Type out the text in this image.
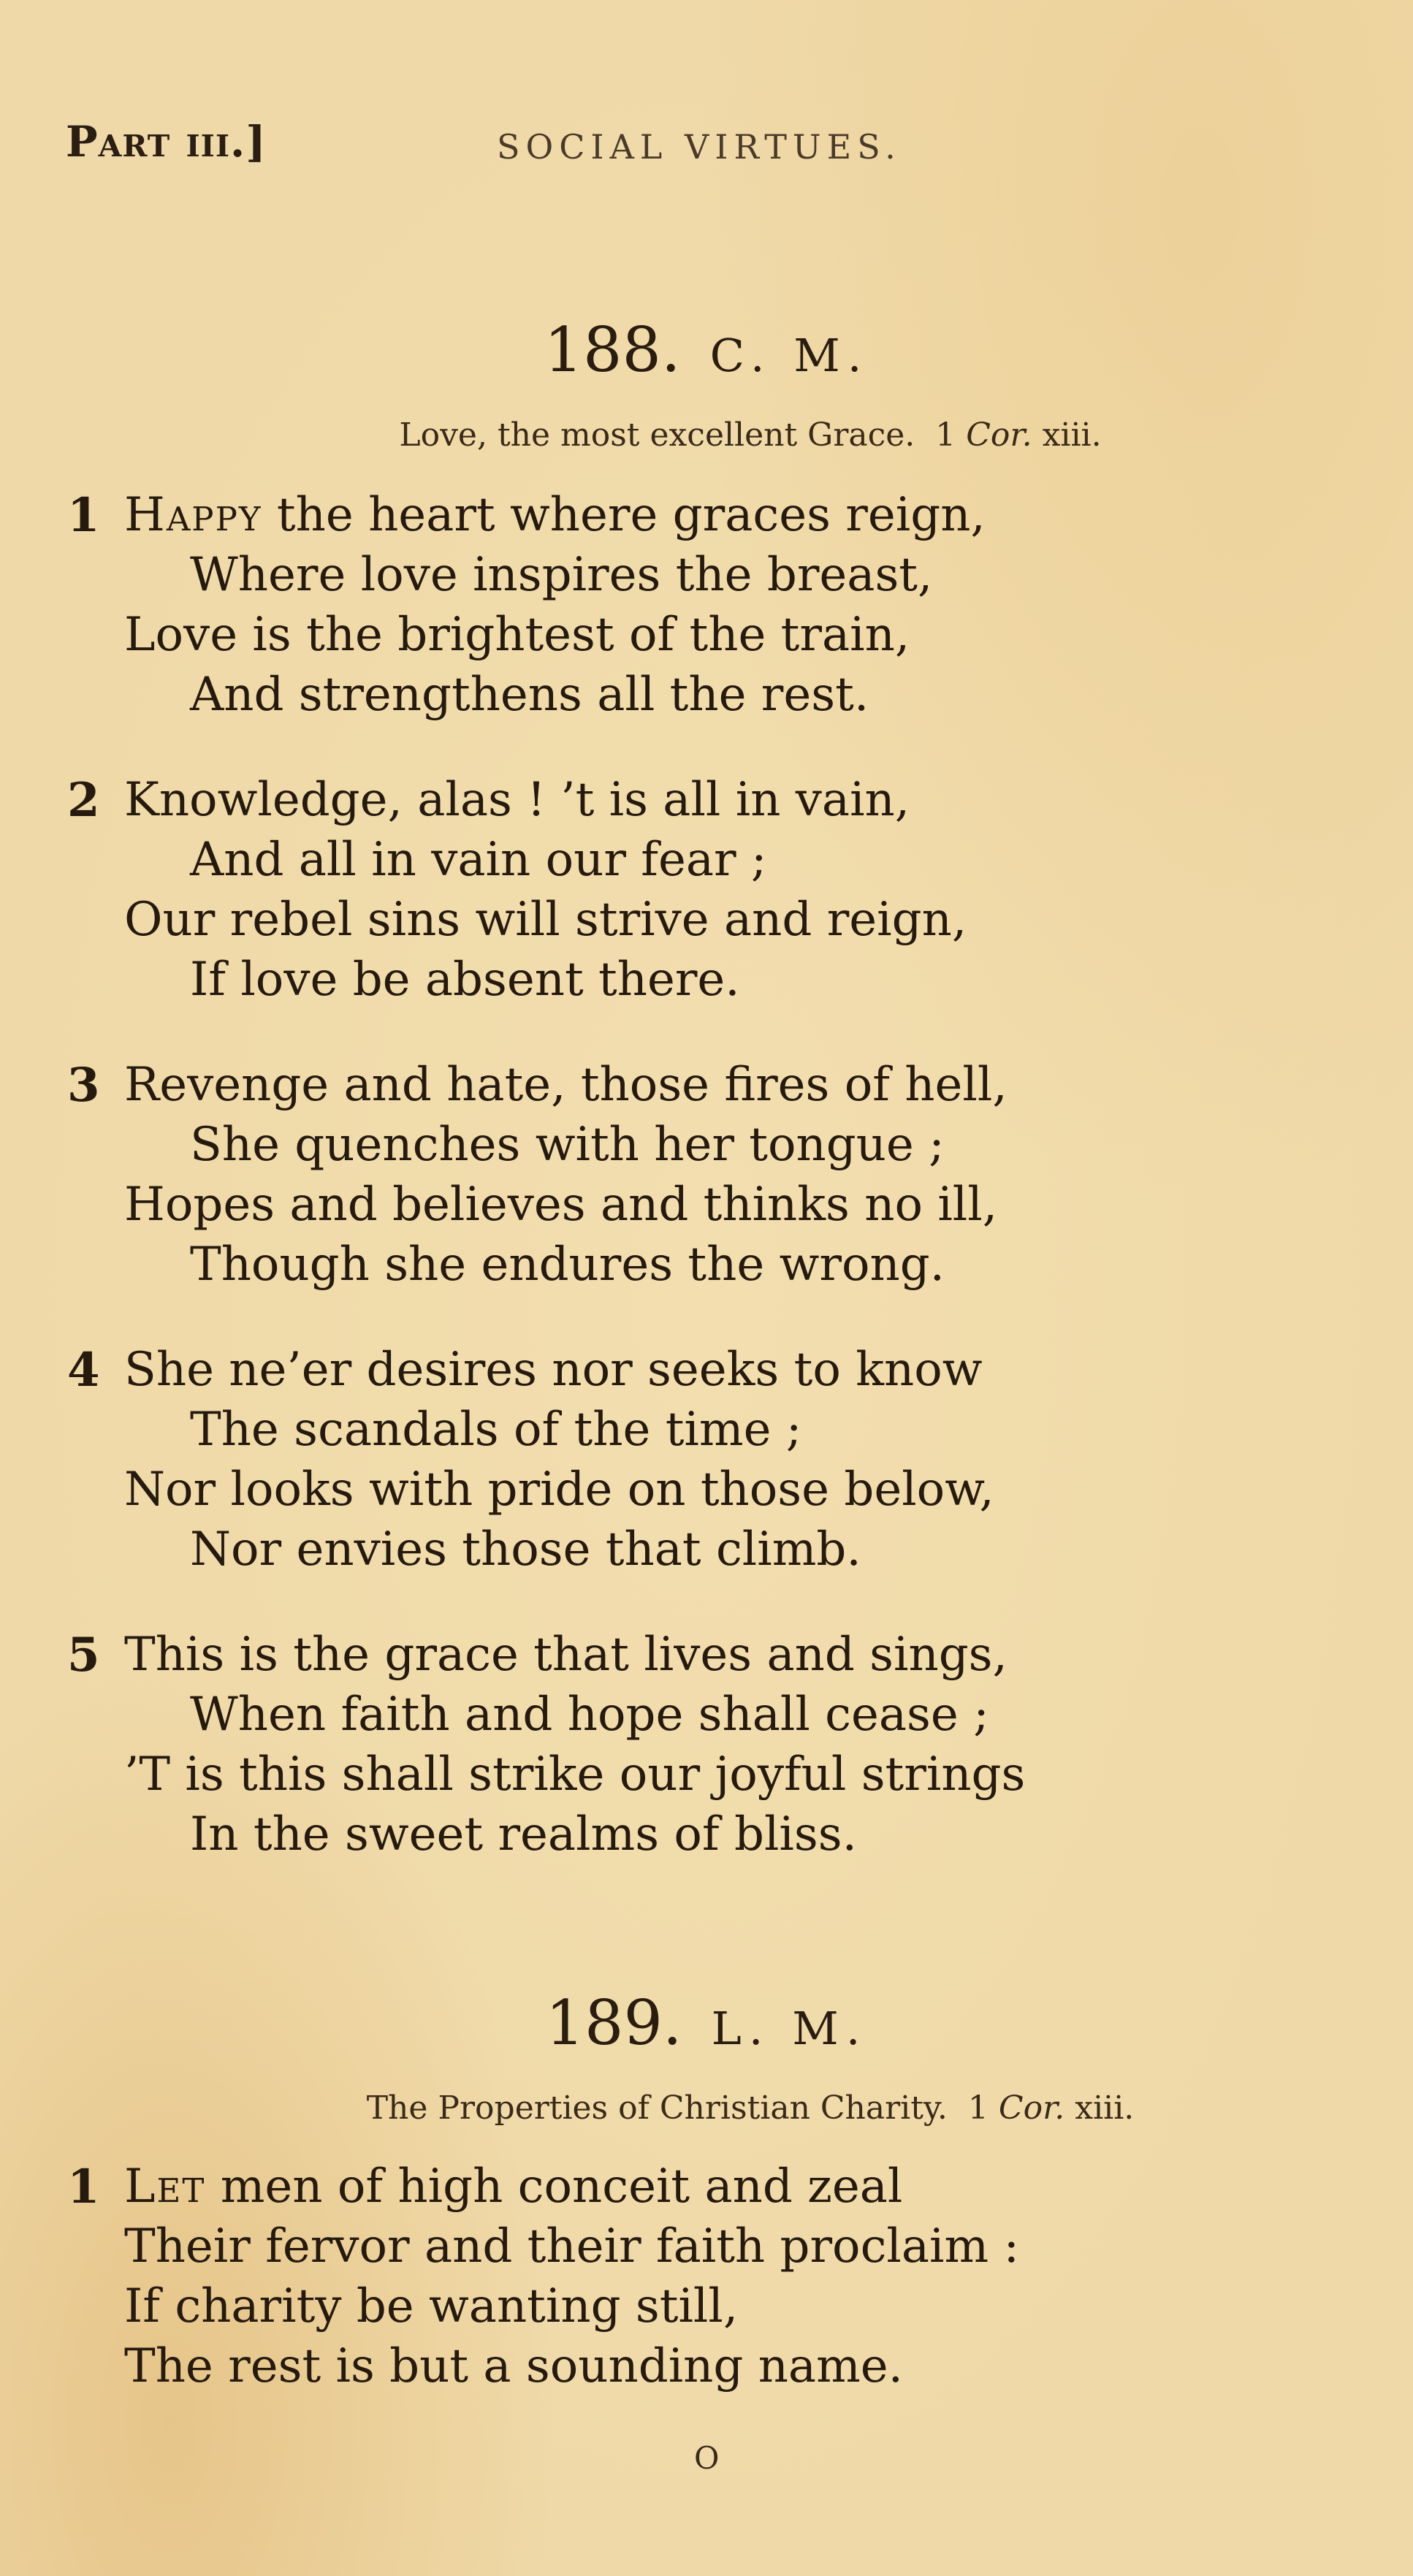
Part iii.]	SOCIAL VIRTUES.
188. C. M.
Love, the most excellent Grace. 1 Cor. xiii.
1 Happy the heart where graces reign,
Where love inspires the breast,
Love is the brightest of the train,
And strengthens all the rest.
2 Knowledge, alas ! ’t is all in vain,
And all in vain our fear ;
Our rebel sins will strive and reign,
If love be absent there.
3 Revenge and hate, those fires of hell,
She quenches with her tongue ;
Hopes and believes and thinks no ill,
Though she endures the wrong.
4 She ne’er desires nor seeks to know
The scandals of the time ;
Nor looks with pride on those below,
Nor envies those that climb.
5 This is the grace that lives and sings,
When faith and hope shall cease ;
’T is this shall strike our joyful strings
In the sweet realms of bliss.
189. L. M.
The Properties of Christian Charity. 1 Cor. xiii.
1 Let men of high conceit and zeal
Their fervor and their faith proclaim :
If charity be wanting still,
The rest is but a sounding name.
O
